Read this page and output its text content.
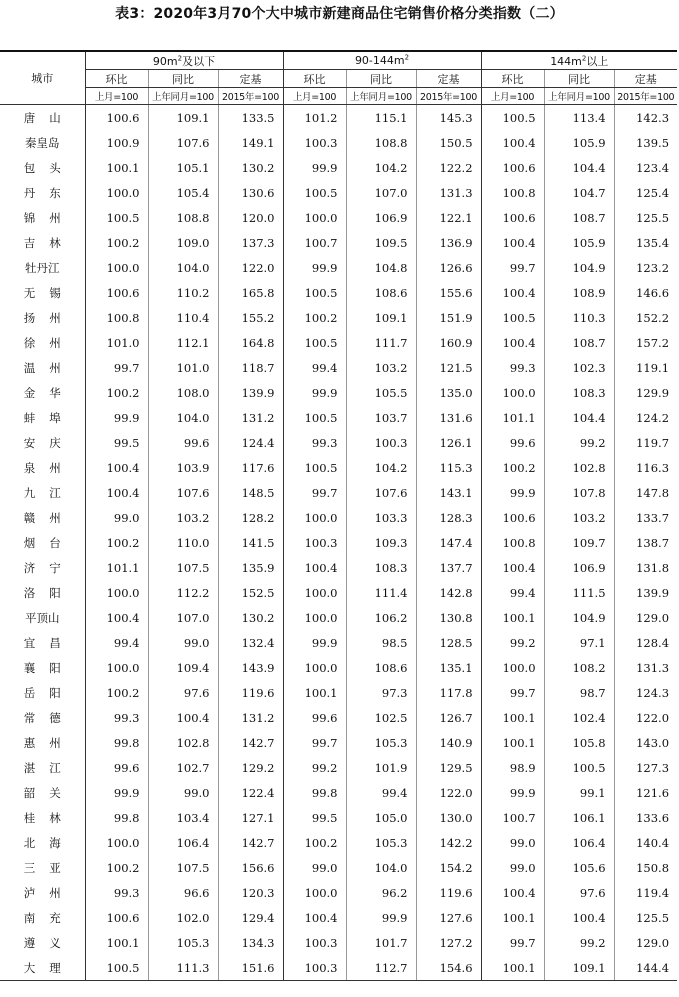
表3：2020年3月70个大中城市新建商品住宅销售价格分类指数（二）
城市	$90m^2$及以下			$90-144m^2$			$144m^2$以上		
	环比	同比	定基	环比	同比	定基	环比	同比	定基
	上月=100	上年同月=100	2015年=100	上月=100	上年同月=100	2015年=100	上月=100	上年同月=100	2015年=100
唐山	100.6	109.1	133.5	101.2	115.1	145.3	100.5	113.4	142.3
秦皇岛	100.9	107.6	149.1	100.3	108.8	150.5	100.4	105.9	139.5
包头	100.1	105.1	130.2	99.9	104.2	122.2	100.6	104.4	123.4
丹东	100.0	105.4	130.6	100.5	107.0	131.3	100.8	104.7	125.4
锦州	100.5	108.8	120.0	100.0	106.9	122.1	100.6	108.7	125.5
吉林	100.2	109.0	137.3	100.7	109.5	136.9	100.4	105.9	135.4
牡丹江	100.0	104.0	122.0	99.9	104.8	126.6	99.7	104.9	123.2
无锡	100.6	110.2	165.8	100.5	108.6	155.6	100.4	108.9	146.6
扬州	100.8	110.4	155.2	100.2	109.1	151.9	100.5	110.3	152.2
徐州	101.0	112.1	164.8	100.5	111.7	160.9	100.4	108.7	157.2
温州	99.7	101.0	118.7	99.4	103.2	121.5	99.3	102.3	119.1
金华	100.2	108.0	139.9	99.9	105.5	135.0	100.0	108.3	129.9
蚌埠	99.9	104.0	131.2	100.5	103.7	131.6	101.1	104.4	124.2
安庆	99.5	99.6	124.4	99.3	100.3	126.1	99.6	99.2	119.7
泉州	100.4	103.9	117.6	100.5	104.2	115.3	100.2	102.8	116.3
九江	100.4	107.6	148.5	99.7	107.6	143.1	99.9	107.8	147.8
赣州	99.0	103.2	128.2	100.0	103.3	128.3	100.6	103.2	133.7
烟台	100.2	110.0	141.5	100.3	109.3	147.4	100.8	109.7	138.7
济宁	101.1	107.5	135.9	100.4	108.3	137.7	100.4	106.9	131.8
洛阳	100.0	112.2	152.5	100.0	111.4	142.8	99.4	111.5	139.9
平顶山	100.4	107.0	130.2	100.0	106.2	130.8	100.1	104.9	129.0
宜昌	99.4	99.0	132.4	99.9	98.5	128.5	99.2	97.1	128.4
襄阳	100.0	109.4	143.9	100.0	108.6	135.1	100.0	108.2	131.3
岳阳	100.2	97.6	119.6	100.1	97.3	117.8	99.7	98.7	124.3
常德	99.3	100.4	131.2	99.6	102.5	126.7	100.1	102.4	122.0
惠州	99.8	102.8	142.7	99.7	105.3	140.9	100.1	105.8	143.0
湛江	99.6	102.7	129.2	99.2	101.9	129.5	98.9	100.5	127.3
韶关	99.9	99.0	122.4	99.8	99.4	122.0	99.9	99.1	121.6
桂林	99.8	103.4	127.1	99.5	105.0	130.0	100.7	106.1	133.6
北海	100.0	106.4	142.7	100.2	105.3	142.2	99.0	106.4	140.4
三亚	100.2	107.5	156.6	99.0	104.0	154.2	99.0	105.6	150.8
泸州	99.3	96.6	120.3	100.0	96.2	119.6	100.4	97.6	119.4
南充	100.6	102.0	129.4	100.4	99.9	127.6	100.1	100.4	125.5
遵义	100.1	105.3	134.3	100.3	101.7	127.2	99.7	99.2	129.0
大理	100.5	111.3	151.6	100.3	112.7	154.6	100.1	109.1	144.4
